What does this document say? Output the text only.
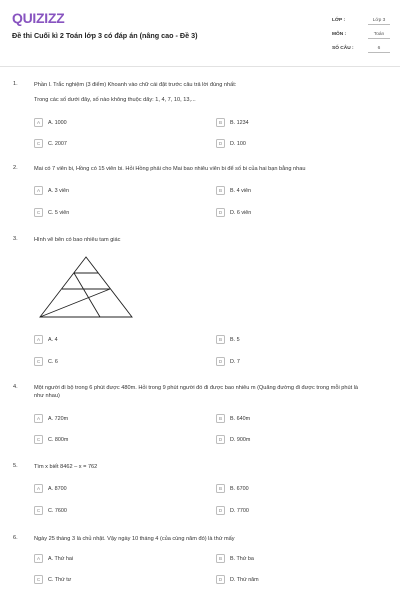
QUIZIZZ
Đề thi Cuối kì 2 Toán lớp 3 có đáp án (nâng cao - Đề 3)
LỚP :	Lớp 3
MÔN :	Toán
SỐ CÂU :	6
1.	Phần I. Trắc nghiệm (3 điểm) Khoanh vào chữ cái đặt trước câu trả lời đúng nhất:
Trong các số dưới đây, số nào không thuộc dãy: 1, 4, 7, 10, 13,...
A	A. 1000	B	B. 1234
C	C. 2007	D	D. 100
2.	Mai có 7 viên bi, Hồng có 15 viên bi. Hỏi Hồng phải cho Mai bao nhiêu viên bi để số bi của hai bạn bằng nhau
A	A. 3 viên	B	B. 4 viên
C	C. 5 viên	D	D. 6 viên
3.	Hình vẽ bên có bao nhiêu tam giác
A	A. 4	B	B. 5
C	C. 6	D	D. 7
4.	Một người đi bộ trong 6 phút được 480m. Hỏi trong 9 phút người đó đi được bao nhiêu m (Quãng đường đi được trong mỗi phút là như nhau)
A	A. 720m	B	B. 640m
C	C. 800m	D	D. 900m
5.	Tìm x biết 8462 – x = 762
A	A. 8700	B	B. 6700
C	C. 7600	D	D. 7700
6.	Ngày 25 tháng 3 là chủ nhật. Vậy ngày 10 tháng 4 (của cùng năm đó) là thứ mấy
A	A. Thứ hai	B	B. Thứ ba
C	C. Thứ tư	D	D. Thứ năm
